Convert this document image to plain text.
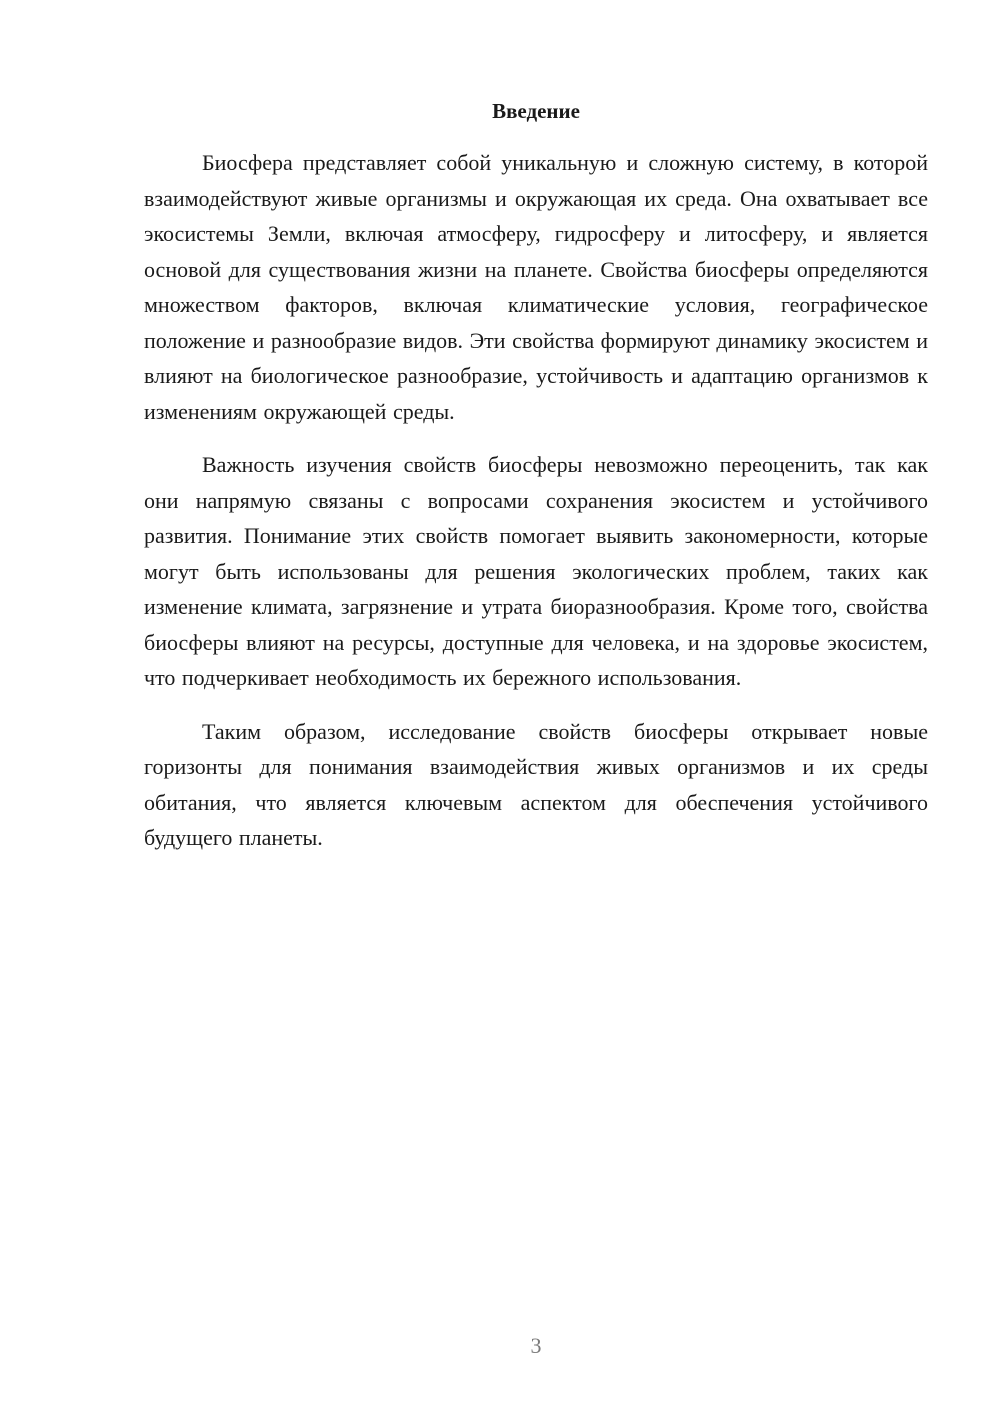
Введение

Биосфера представляет собой уникальную и сложную систему, в которой взаимодействуют живые организмы и окружающая их среда. Она охватывает все экосистемы Земли, включая атмосферу, гидросферу и литосферу, и является основой для существования жизни на планете. Свойства биосферы определяются множеством факторов, включая климатические условия, географическое положение и разнообразие видов. Эти свойства формируют динамику экосистем и влияют на биологическое разнообразие, устойчивость и адаптацию организмов к изменениям окружающей среды.

Важность изучения свойств биосферы невозможно переоценить, так как они напрямую связаны с вопросами сохранения экосистем и устойчивого развития. Понимание этих свойств помогает выявить закономерности, которые могут быть использованы для решения экологических проблем, таких как изменение климата, загрязнение и утрата биоразнообразия. Кроме того, свойства биосферы влияют на ресурсы, доступные для человека, и на здоровье экосистем, что подчеркивает необходимость их бережного использования.

Таким образом, исследование свойств биосферы открывает новые горизонты для понимания взаимодействия живых организмов и их среды обитания, что является ключевым аспектом для обеспечения устойчивого будущего планеты.

3
